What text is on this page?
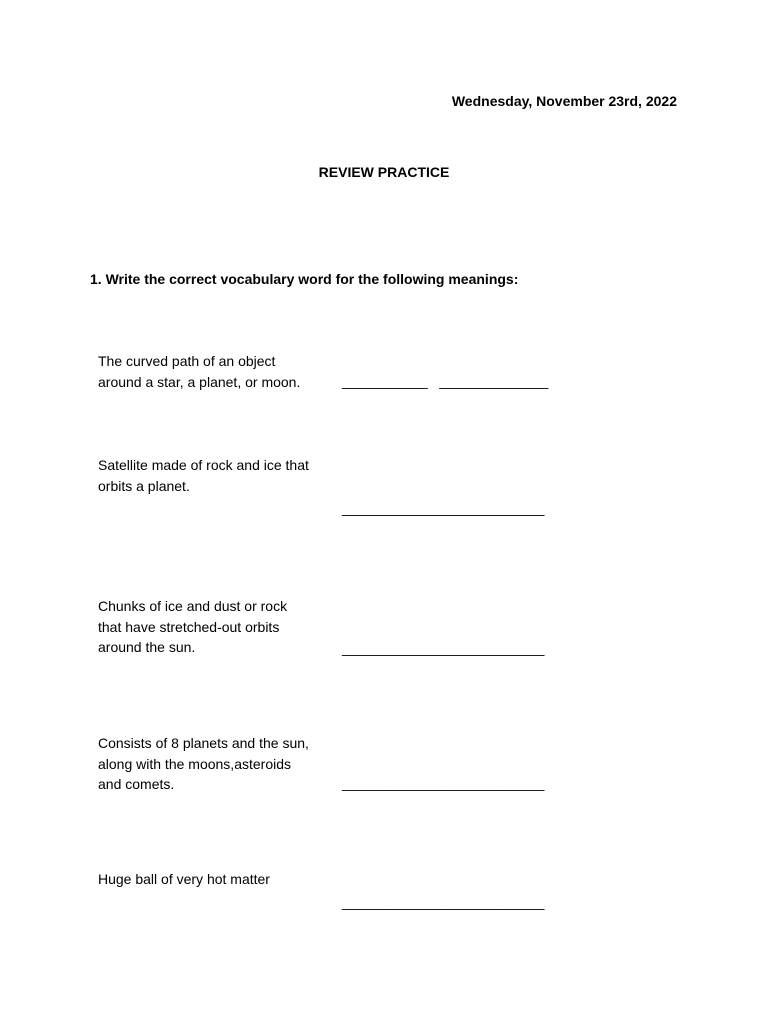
Wednesday, November 23rd, 2022
REVIEW PRACTICE
1. Write the correct vocabulary word for the following meanings:
The curved path of an object
around a star, a planet, or moon.	___________   ______________
Satellite made of rock and ice that
orbits a planet.
__________________________
Chunks of ice and dust or rock
that have stretched-out orbits
around the sun.	__________________________
Consists of 8 planets and the sun,
along with the moons,asteroids
and comets.	__________________________
Huge ball of very hot matter
__________________________
